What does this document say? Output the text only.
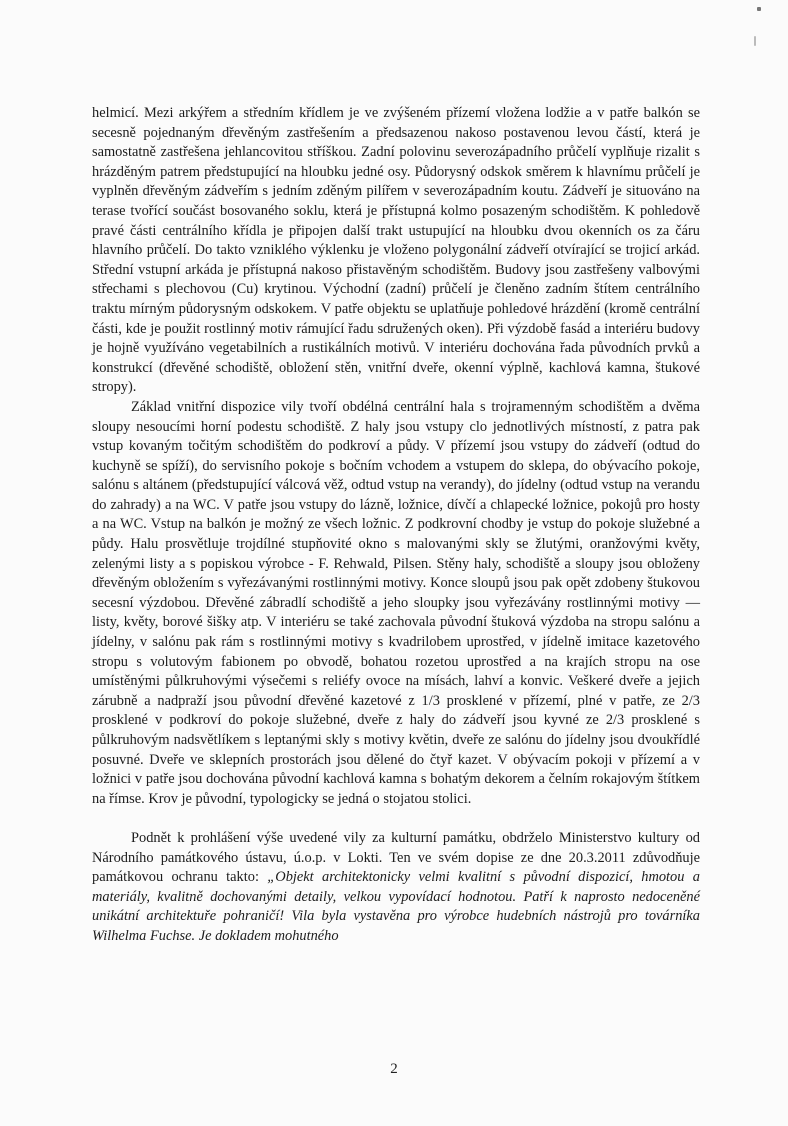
helmicí. Mezi arkýřem a středním křídlem je ve zvýšeném přízemí vložena lodžie a v patře balkón se secesně pojednaným dřevěným zastřešením a předsazenou nakoso postavenou levou částí, která je samostatně zastřešena jehlancovitou stříškou. Zadní polovinu severozápadního průčelí vyplňuje rizalit s hrázděným patrem předstupující na hloubku jedné osy. Půdorysný odskok směrem k hlavnímu průčelí je vyplněn dřevěným zádveřím s jedním zděným pilířem v severozápadním koutu. Zádveří je situováno na terase tvořící součást bosovaného soklu, která je přístupná kolmo posazeným schodištěm. K pohledově pravé části centrálního křídla je připojen další trakt ustupující na hloubku dvou okenních os za čáru hlavního průčelí. Do takto vzniklého výklenku je vloženo polygonální zádveří otvírající se trojicí arkád. Střední vstupní arkáda je přístupná nakoso přistavěným schodištěm. Budovy jsou zastřešeny valbovými střechami s plechovou (Cu) krytinou. Východní (zadní) průčelí je členěno zadním štítem centrálního traktu mírným půdorysným odskokem. V patře objektu se uplatňuje pohledové hrázdění (kromě centrální části, kde je použit rostlinný motiv rámující řadu sdružených oken). Při výzdobě fasád a interiéru budovy je hojně využíváno vegetabilních a rustikálních motivů. V interiéru dochována řada původních prvků a konstrukcí (dřevěné schodiště, obložení stěn, vnitřní dveře, okenní výplně, kachlová kamna, štukové stropy).

Základ vnitřní dispozice vily tvoří obdélná centrální hala s trojramenným schodištěm a dvěma sloupy nesoucími horní podestu schodiště. Z haly jsou vstupy clo jednotlivých místností, z patra pak vstup kovaným točitým schodištěm do podkroví a půdy. V přízemí jsou vstupy do zádveří (odtud do kuchyně se spíží), do servisního pokoje s bočním vchodem a vstupem do sklepa, do obývacího pokoje, salónu s altánem (předstupující válcová věž, odtud vstup na verandy), do jídelny (odtud vstup na verandu do zahrady) a na WC. V patře jsou vstupy do lázně, ložnice, dívčí a chlapecké ložnice, pokojů pro hosty a na WC. Vstup na balkón je možný ze všech ložnic. Z podkrovní chodby je vstup do pokoje služebné a půdy. Halu prosvětluje trojdílné stupňovité okno s malovanými skly se žlutými, oranžovými květy, zelenými listy a s popiskou výrobce - F. Rehwald, Pilsen. Stěny haly, schodiště a sloupy jsou obloženy dřevěným obložením s vyřezávanými rostlinnými motivy. Konce sloupů jsou pak opět zdobeny štukovou secesní výzdobou. Dřevěné zábradlí schodiště a jeho sloupky jsou vyřezávány rostlinnými motivy — listy, květy, borové šišky atp. V interiéru se také zachovala původní štuková výzdoba na stropu salónu a jídelny, v salónu pak rám s rostlinnými motivy s kvadrilobem uprostřed, v jídelně imitace kazetového stropu s volutovým fabionem po obvodě, bohatou rozetou uprostřed a na krajích stropu na ose umístěnými půlkruhovými výsečemi s reliéfy ovoce na mísách, lahví a konvic. Veškeré dveře a jejich zárubně a nadpraží jsou původní dřevěné kazetové z 1/3 prosklené v přízemí, plné v patře, ze 2/3 prosklené v podkroví do pokoje služebné, dveře z haly do zádveří jsou kyvné ze 2/3 prosklené s půlkruhovým nadsvětlíkem s leptanými skly s motivy květin, dveře ze salónu do jídelny jsou dvoukřídlé posuvné. Dveře ve sklepních prostorách jsou dělené do čtyř kazet. V obývacím pokoji v přízemí a v ložnici v patře jsou dochována původní kachlová kamna s bohatým dekorem a čelním rokajovým štítkem na římse. Krov je původní, typologicky se jedná o stojatou stolici.

Podnět k prohlášení výše uvedené vily za kulturní památku, obdrželo Ministerstvo kultury od Národního památkového ústavu, ú.o.p. v Lokti. Ten ve svém dopise ze dne 20.3.2011 zdůvodňuje památkovou ochranu takto: „Objekt architektonicky velmi kvalitní s původní dispozicí, hmotou a materiály, kvalitně dochovanými detaily, velkou vypovídací hodnotou. Patří k naprosto nedoceněné unikátní architektuře pohraničí! Vila byla vystavěna pro výrobce hudebních nástrojů pro továrníka Wilhelma Fuchse. Je dokladem mohutného

2
